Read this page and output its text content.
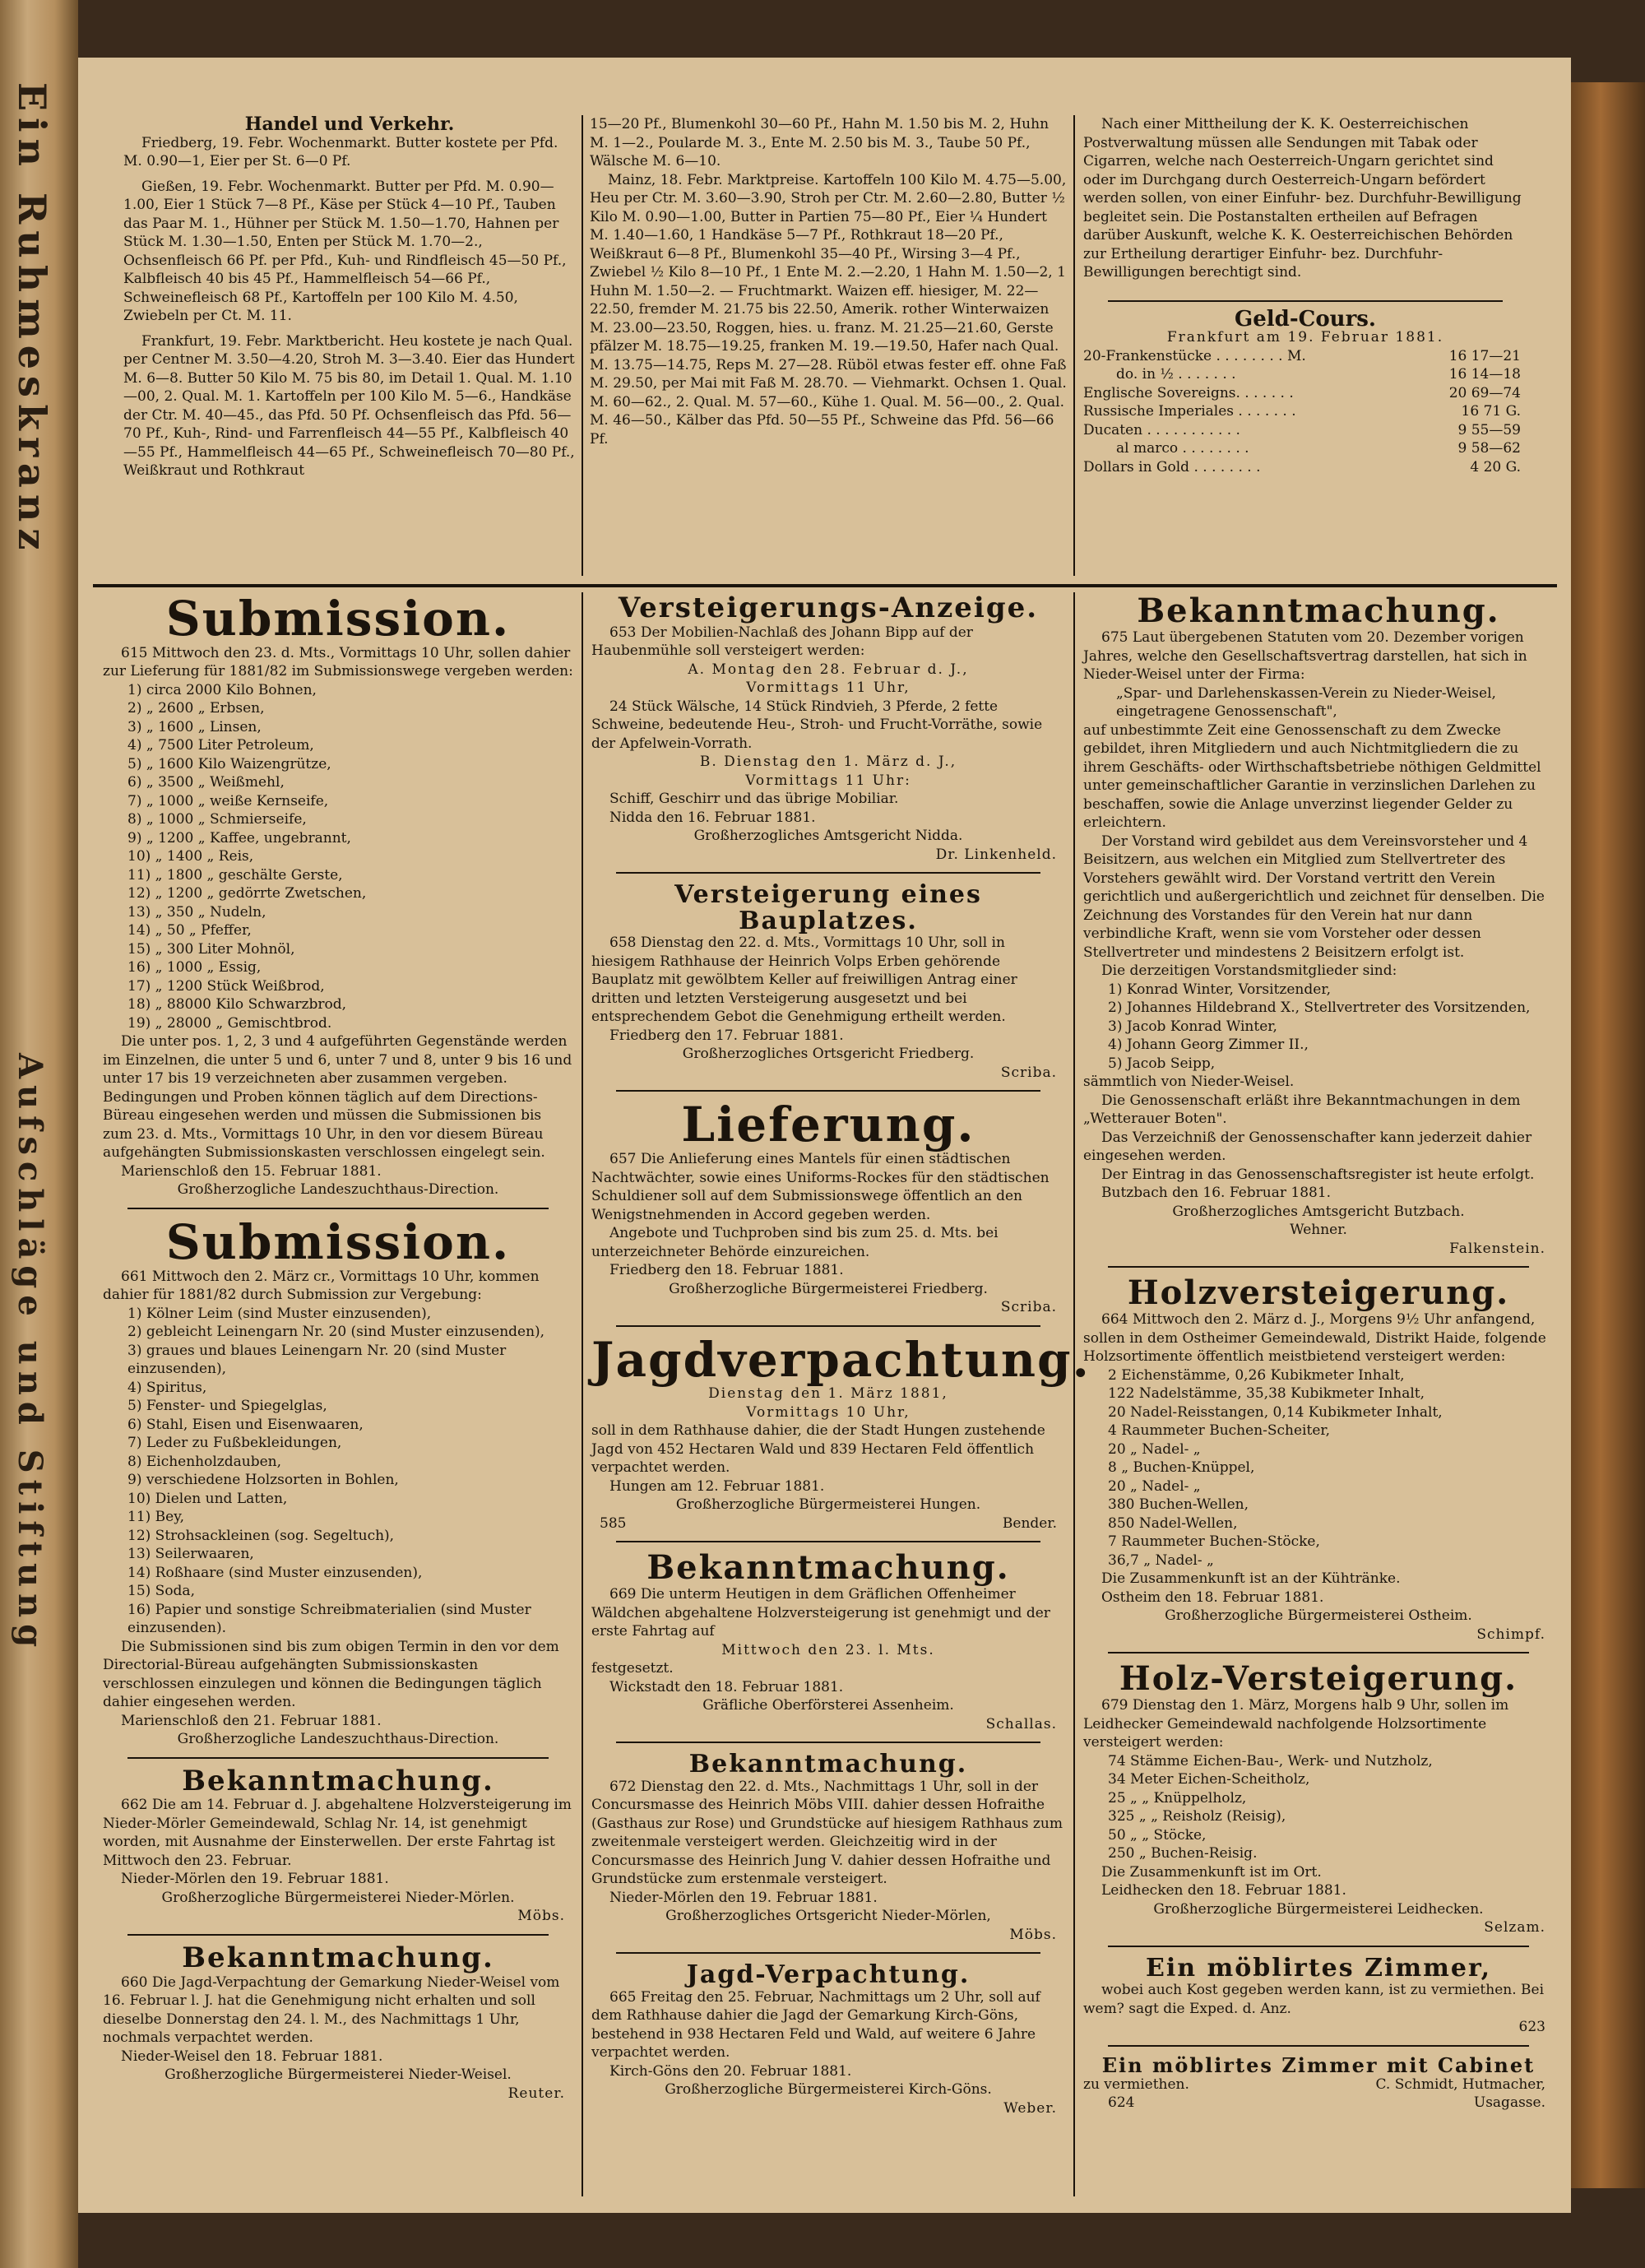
Ein Ruhmeskranz
Aufschläge und Stiftung

Handel und Verkehr.

Friedberg, 19. Febr. Wochenmarkt. Butter kostete per Pfd. M. 0.90—1, Eier per St. 6—0 Pf.

Gießen, 19. Febr. Wochenmarkt. Butter per Pfd. M. 0.90—1.00, Eier 1 Stück 7—8 Pf., Käse per Stück 4—10 Pf., Tauben das Paar M. 1., Hühner per Stück M. 1.50—1.70, Hahnen per Stück M. 1.30—1.50, Enten per Stück M. 1.70—2., Ochsenfleisch 66 Pf. per Pfd., Kuh- und Rindfleisch 45—50 Pf., Kalbfleisch 40 bis 45 Pf., Hammelfleisch 54—66 Pf., Schweinefleisch 68 Pf., Kartoffeln per 100 Kilo M. 4.50, Zwiebeln per Ct. M. 11.

Frankfurt, 19. Febr. Marktbericht. Heu kostete je nach Qual. per Centner M. 3.50—4.20, Stroh M. 3—3.40. Eier das Hundert M. 6—8. Butter 50 Kilo M. 75 bis 80, im Detail 1. Qual. M. 1.10—00, 2. Qual. M. 1. Kartoffeln per 100 Kilo M. 5—6., Handkäse der Ctr. M. 40—45., das Pfd. 50 Pf. Ochsenfleisch das Pfd. 56—70 Pf., Kuh-, Rind- und Farrenfleisch 44—55 Pf., Kalbfleisch 40—55 Pf., Hammelfleisch 44—65 Pf., Schweinefleisch 70—80 Pf., Weißkraut und Rothkraut

15—20 Pf., Blumenkohl 30—60 Pf., Hahn M. 1.50 bis M. 2, Huhn M. 1—2., Poularde M. 3., Ente M. 2.50 bis M. 3., Taube 50 Pf., Wälsche M. 6—10.

Mainz, 18. Febr. Marktpreise. Kartoffeln 100 Kilo M. 4.75—5.00, Heu per Ctr. M. 3.60—3.90, Stroh per Ctr. M. 2.60—2.80, Butter ½ Kilo M. 0.90—1.00, Butter in Partien 75—80 Pf., Eier ¼ Hundert M. 1.40—1.60, 1 Handkäse 5—7 Pf., Rothkraut 18—20 Pf., Weißkraut 6—8 Pf., Blumenkohl 35—40 Pf., Wirsing 3—4 Pf., Zwiebel ½ Kilo 8—10 Pf., 1 Ente M. 2.—2.20, 1 Hahn M. 1.50—2, 1 Huhn M. 1.50—2. — Fruchtmarkt. Waizen eff. hiesiger, M. 22—22.50, fremder M. 21.75 bis 22.50, Amerik. rother Winterwaizen M. 23.00—23.50, Roggen, hies. u. franz. M. 21.25—21.60, Gerste pfälzer M. 18.75—19.25, franken M. 19.—19.50, Hafer nach Qual. M. 13.75—14.75, Reps M. 27—28. Rüböl etwas fester eff. ohne Faß M. 29.50, per Mai mit Faß M. 28.70. — Viehmarkt. Ochsen 1. Qual. M. 60—62., 2. Qual. M. 57—60., Kühe 1. Qual. M. 56—00., 2. Qual. M. 46—50., Kälber das Pfd. 50—55 Pf., Schweine das Pfd. 56—66 Pf.

Nach einer Mittheilung der K. K. Oesterreichischen Postverwaltung müssen alle Sendungen mit Tabak oder Cigarren, welche nach Oesterreich-Ungarn gerichtet sind oder im Durchgang durch Oesterreich-Ungarn befördert werden sollen, von einer Einfuhr- bez. Durchfuhr-Bewilligung begleitet sein. Die Postanstalten ertheilen auf Befragen darüber Auskunft, welche K. K. Oesterreichischen Behörden zur Ertheilung derartiger Einfuhr- bez. Durchfuhr-Bewilligungen berechtigt sind.

Geld-Cours.

Frankfurt am 19. Februar 1881.

20-Frankenstücke . . . . . . . . M.	16 17—21
do. in ½ . . . . . . .	16 14—18
Englische Sovereigns. . . . . . .	20 69—74
Russische Imperiales . . . . . . .	16 71 G.
Ducaten . . . . . . . . . . .	9 55—59
al marco . . . . . . . .	9 58—62
Dollars in Gold . . . . . . . .	4 20 G.

Submission.

615 Mittwoch den 23. d. Mts., Vormittags 10 Uhr, sollen dahier zur Lieferung für 1881/82 im Submissionswege vergeben werden:

1) circa 2000 Kilo Bohnen,

2) „ 2600 „ Erbsen,

3) „ 1600 „ Linsen,

4) „ 7500 Liter Petroleum,

5) „ 1600 Kilo Waizengrütze,

6) „ 3500 „ Weißmehl,

7) „ 1000 „ weiße Kernseife,

8) „ 1000 „ Schmierseife,

9) „ 1200 „ Kaffee, ungebrannt,

10) „ 1400 „ Reis,

11) „ 1800 „ geschälte Gerste,

12) „ 1200 „ gedörrte Zwetschen,

13) „ 350 „ Nudeln,

14) „ 50 „ Pfeffer,

15) „ 300 Liter Mohnöl,

16) „ 1000 „ Essig,

17) „ 1200 Stück Weißbrod,

18) „ 88000 Kilo Schwarzbrod,

19) „ 28000 „ Gemischtbrod.

Die unter pos. 1, 2, 3 und 4 aufgeführten Gegenstände werden im Einzelnen, die unter 5 und 6, unter 7 und 8, unter 9 bis 16 und unter 17 bis 19 verzeichneten aber zusammen vergeben. Bedingungen und Proben können täglich auf dem Directions-Büreau eingesehen werden und müssen die Submissionen bis zum 23. d. Mts., Vormittags 10 Uhr, in den vor diesem Büreau aufgehängten Submissionskasten verschlossen eingelegt sein.

Marienschloß den 15. Februar 1881.

Großherzogliche Landeszuchthaus-Direction.

Submission.

661 Mittwoch den 2. März cr., Vormittags 10 Uhr, kommen dahier für 1881/82 durch Submission zur Vergebung:

1) Kölner Leim (sind Muster einzusenden),

2) gebleicht Leinengarn Nr. 20 (sind Muster einzusenden),

3) graues und blaues Leinengarn Nr. 20 (sind Muster einzusenden),

4) Spiritus,

5) Fenster- und Spiegelglas,

6) Stahl, Eisen und Eisenwaaren,

7) Leder zu Fußbekleidungen,

8) Eichenholzdauben,

9) verschiedene Holzsorten in Bohlen,

10) Dielen und Latten,

11) Bey,

12) Strohsackleinen (sog. Segeltuch),

13) Seilerwaaren,

14) Roßhaare (sind Muster einzusenden),

15) Soda,

16) Papier und sonstige Schreibmaterialien (sind Muster einzusenden).

Die Submissionen sind bis zum obigen Termin in den vor dem Directorial-Büreau aufgehängten Submissionskasten verschlossen einzulegen und können die Bedingungen täglich dahier eingesehen werden.

Marienschloß den 21. Februar 1881.

Großherzogliche Landeszuchthaus-Direction.

Bekanntmachung.

662 Die am 14. Februar d. J. abgehaltene Holzversteigerung im Nieder-Mörler Gemeindewald, Schlag Nr. 14, ist genehmigt worden, mit Ausnahme der Einsterwellen. Der erste Fahrtag ist Mittwoch den 23. Februar.

Nieder-Mörlen den 19. Februar 1881.

Großherzogliche Bürgermeisterei Nieder-Mörlen.

Möbs.

Bekanntmachung.

660 Die Jagd-Verpachtung der Gemarkung Nieder-Weisel vom 16. Februar l. J. hat die Genehmigung nicht erhalten und soll dieselbe Donnerstag den 24. l. M., des Nachmittags 1 Uhr, nochmals verpachtet werden.

Nieder-Weisel den 18. Februar 1881.

Großherzogliche Bürgermeisterei Nieder-Weisel.

Reuter.

Versteigerungs-Anzeige.

653 Der Mobilien-Nachlaß des Johann Bipp auf der Haubenmühle soll versteigert werden:

A. Montag den 28. Februar d. J.,

Vormittags 11 Uhr,

24 Stück Wälsche, 14 Stück Rindvieh, 3 Pferde, 2 fette Schweine, bedeutende Heu-, Stroh- und Frucht-Vorräthe, sowie der Apfelwein-Vorrath.

B. Dienstag den 1. März d. J.,

Vormittags 11 Uhr:

Schiff, Geschirr und das übrige Mobiliar.

Nidda den 16. Februar 1881.

Großherzogliches Amtsgericht Nidda.

Dr. Linkenheld.

Versteigerung eines Bauplatzes.

658 Dienstag den 22. d. Mts., Vormittags 10 Uhr, soll in hiesigem Rathhause der Heinrich Volps Erben gehörende Bauplatz mit gewölbtem Keller auf freiwilligen Antrag einer dritten und letzten Versteigerung ausgesetzt und bei entsprechendem Gebot die Genehmigung ertheilt werden.

Friedberg den 17. Februar 1881.

Großherzogliches Ortsgericht Friedberg.

Scriba.

Lieferung.

657 Die Anlieferung eines Mantels für einen städtischen Nachtwächter, sowie eines Uniforms-Rockes für den städtischen Schuldiener soll auf dem Submissionswege öffentlich an den Wenigstnehmenden in Accord gegeben werden.

Angebote und Tuchproben sind bis zum 25. d. Mts. bei unterzeichneter Behörde einzureichen.

Friedberg den 18. Februar 1881.

Großherzogliche Bürgermeisterei Friedberg.

Scriba.

Jagdverpachtung.

Dienstag den 1. März 1881,

Vormittags 10 Uhr,

soll in dem Rathhause dahier, die der Stadt Hungen zustehende Jagd von 452 Hectaren Wald und 839 Hectaren Feld öffentlich verpachtet werden.

Hungen am 12. Februar 1881.

Großherzogliche Bürgermeisterei Hungen.

585	Bender.

Bekanntmachung.

669 Die unterm Heutigen in dem Gräflichen Offenheimer Wäldchen abgehaltene Holzversteigerung ist genehmigt und der erste Fahrtag auf

Mittwoch den 23. l. Mts.

festgesetzt.

Wickstadt den 18. Februar 1881.

Gräfliche Oberförsterei Assenheim.

Schallas.

Bekanntmachung.

672 Dienstag den 22. d. Mts., Nachmittags 1 Uhr, soll in der Concursmasse des Heinrich Möbs VIII. dahier dessen Hofraithe (Gasthaus zur Rose) und Grundstücke auf hiesigem Rathhaus zum zweitenmale versteigert werden. Gleichzeitig wird in der Concursmasse des Heinrich Jung V. dahier dessen Hofraithe und Grundstücke zum erstenmale versteigert.

Nieder-Mörlen den 19. Februar 1881.

Großherzogliches Ortsgericht Nieder-Mörlen,

Möbs.

Jagd-Verpachtung.

665 Freitag den 25. Februar, Nachmittags um 2 Uhr, soll auf dem Rathhause dahier die Jagd der Gemarkung Kirch-Göns, bestehend in 938 Hectaren Feld und Wald, auf weitere 6 Jahre verpachtet werden.

Kirch-Göns den 20. Februar 1881.

Großherzogliche Bürgermeisterei Kirch-Göns.

Weber.

Bekanntmachung.

675 Laut übergebenen Statuten vom 20. Dezember vorigen Jahres, welche den Gesellschaftsvertrag darstellen, hat sich in Nieder-Weisel unter der Firma:

„Spar- und Darlehenskassen-Verein zu Nieder-Weisel, eingetragene Genossenschaft",

auf unbestimmte Zeit eine Genossenschaft zu dem Zwecke gebildet, ihren Mitgliedern und auch Nichtmitgliedern die zu ihrem Geschäfts- oder Wirthschaftsbetriebe nöthigen Geldmittel unter gemeinschaftlicher Garantie in verzinslichen Darlehen zu beschaffen, sowie die Anlage unverzinst liegender Gelder zu erleichtern.

Der Vorstand wird gebildet aus dem Vereinsvorsteher und 4 Beisitzern, aus welchen ein Mitglied zum Stellvertreter des Vorstehers gewählt wird. Der Vorstand vertritt den Verein gerichtlich und außergerichtlich und zeichnet für denselben. Die Zeichnung des Vorstandes für den Verein hat nur dann verbindliche Kraft, wenn sie vom Vorsteher oder dessen Stellvertreter und mindestens 2 Beisitzern erfolgt ist.

Die derzeitigen Vorstandsmitglieder sind:

1) Konrad Winter, Vorsitzender,

2) Johannes Hildebrand X., Stellvertreter des Vorsitzenden,

3) Jacob Konrad Winter,

4) Johann Georg Zimmer II.,

5) Jacob Seipp,

sämmtlich von Nieder-Weisel.

Die Genossenschaft erläßt ihre Bekanntmachungen in dem „Wetterauer Boten".

Das Verzeichniß der Genossenschafter kann jederzeit dahier eingesehen werden.

Der Eintrag in das Genossenschaftsregister ist heute erfolgt.

Butzbach den 16. Februar 1881.

Großherzogliches Amtsgericht Butzbach.

Wehner.

Falkenstein.

Holzversteigerung.

664 Mittwoch den 2. März d. J., Morgens 9½ Uhr anfangend, sollen in dem Ostheimer Gemeindewald, Distrikt Haide, folgende Holzsortimente öffentlich meistbietend versteigert werden:

2 Eichenstämme, 0,26 Kubikmeter Inhalt,

122 Nadelstämme, 35,38 Kubikmeter Inhalt,

20 Nadel-Reisstangen, 0,14 Kubikmeter Inhalt,

4 Raummeter Buchen-Scheiter,

20 „ Nadel- „

8 „ Buchen-Knüppel,

20 „ Nadel- „

380 Buchen-Wellen,

850 Nadel-Wellen,

7 Raummeter Buchen-Stöcke,

36,7 „ Nadel- „

Die Zusammenkunft ist an der Kühtränke.

Ostheim den 18. Februar 1881.

Großherzogliche Bürgermeisterei Ostheim.

Schimpf.

Holz-Versteigerung.

679 Dienstag den 1. März, Morgens halb 9 Uhr, sollen im Leidhecker Gemeindewald nachfolgende Holzsortimente versteigert werden:

74 Stämme Eichen-Bau-, Werk- und Nutzholz,

34 Meter Eichen-Scheitholz,

25 „ „ Knüppelholz,

325 „ „ Reisholz (Reisig),

50 „ „ Stöcke,

250 „ Buchen-Reisig.

Die Zusammenkunft ist im Ort.

Leidhecken den 18. Februar 1881.

Großherzogliche Bürgermeisterei Leidhecken.

Selzam.

Ein möblirtes Zimmer,

wobei auch Kost gegeben werden kann, ist zu vermiethen. Bei wem? sagt die Exped. d. Anz.

623

Ein möblirtes Zimmer mit Cabinet

zu vermiethen.	C. Schmidt, Hutmacher,

624	Usagasse.
